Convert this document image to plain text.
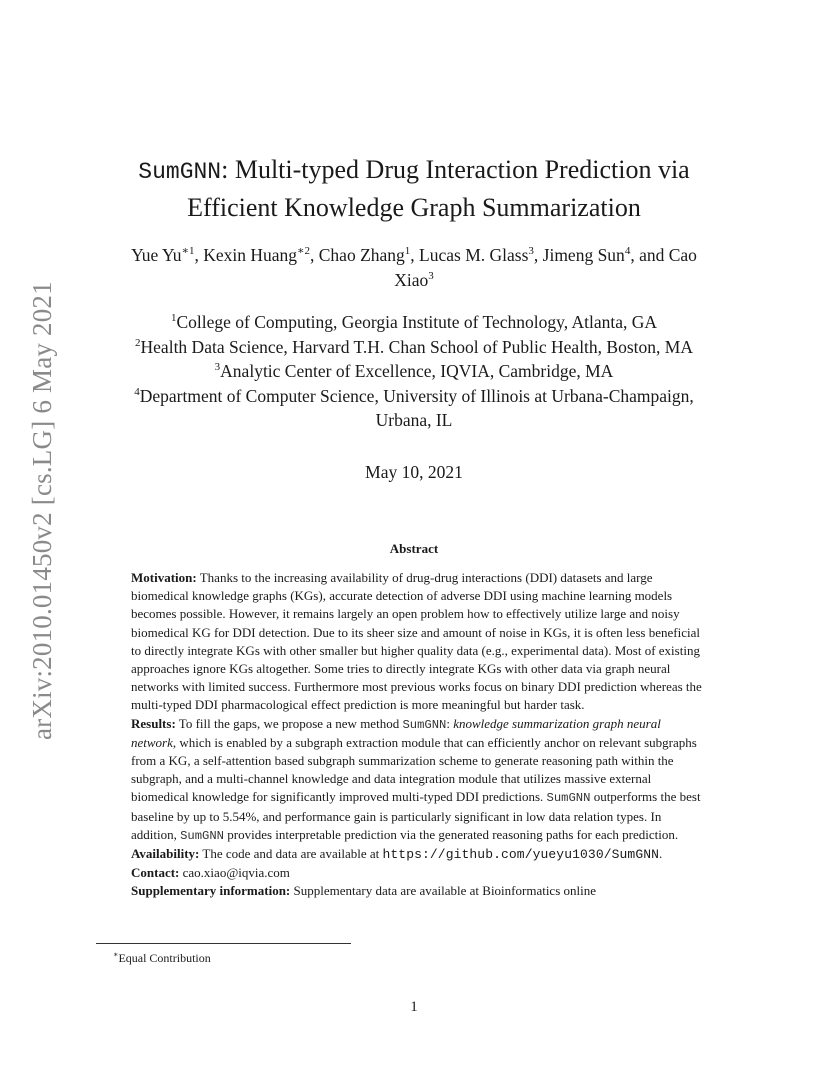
arXiv:2010.01450v2 [cs.LG] 6 May 2021
SumGNN: Multi-typed Drug Interaction Prediction via
Efficient Knowledge Graph Summarization
Yue $Yu^{∗1}$, Kexin Huang$^{∗2}$, Chao Zhang$^1$, Lucas M. Glass$^3$, Jimeng Sun$^4$, and Cao
Xiao$^3$
$^1$College of Computing, Georgia Institute of Technology, Atlanta, GA
$^2$Health Data Science, Harvard T.H. Chan School of Public Health, Boston, MA
$^3$Analytic Center of Excellence, IQVIA, Cambridge, MA
$^4$Department of Computer Science, University of Illinois at Urbana-Champaign,
Urbana, IL
May 10, 2021
Abstract

Motivation: Thanks to the increasing availability of drug-drug interactions (DDI) datasets and large biomedical knowledge graphs (KGs), accurate detection of adverse DDI using machine learning models becomes possible. However, it remains largely an open problem how to effectively utilize large and noisy biomedical KG for DDI detection. Due to its sheer size and amount of noise in KGs, it is often less beneficial to directly integrate KGs with other smaller but higher quality data (e.g., experimental data). Most of existing approaches ignore KGs altogether. Some tries to directly integrate KGs with other data via graph neural networks with limited success. Furthermore most previous works focus on binary DDI prediction whereas the multi-typed DDI pharmacological effect prediction is more meaningful but harder task.

Results: To fill the gaps, we propose a new method SumGNN: knowledge summarization graph neural network, which is enabled by a subgraph extraction module that can efficiently anchor on relevant subgraphs from a KG, a self-attention based subgraph summarization scheme to generate reasoning path within the subgraph, and a multi-channel knowledge and data integration module that utilizes massive external biomedical knowledge for significantly improved multi-typed DDI predictions. SumGNN outperforms the best baseline by up to 5.54%, and performance gain is particularly significant in low data relation types. In addition, SumGNN provides interpretable prediction via the generated reasoning paths for each prediction.

Availability: The code and data are available at https://github.com/yueyu1030/SumGNN.

Contact: cao.xiao@iqvia.com

Supplementary information: Supplementary data are available at Bioinformatics online

∗Equal Contribution
1
